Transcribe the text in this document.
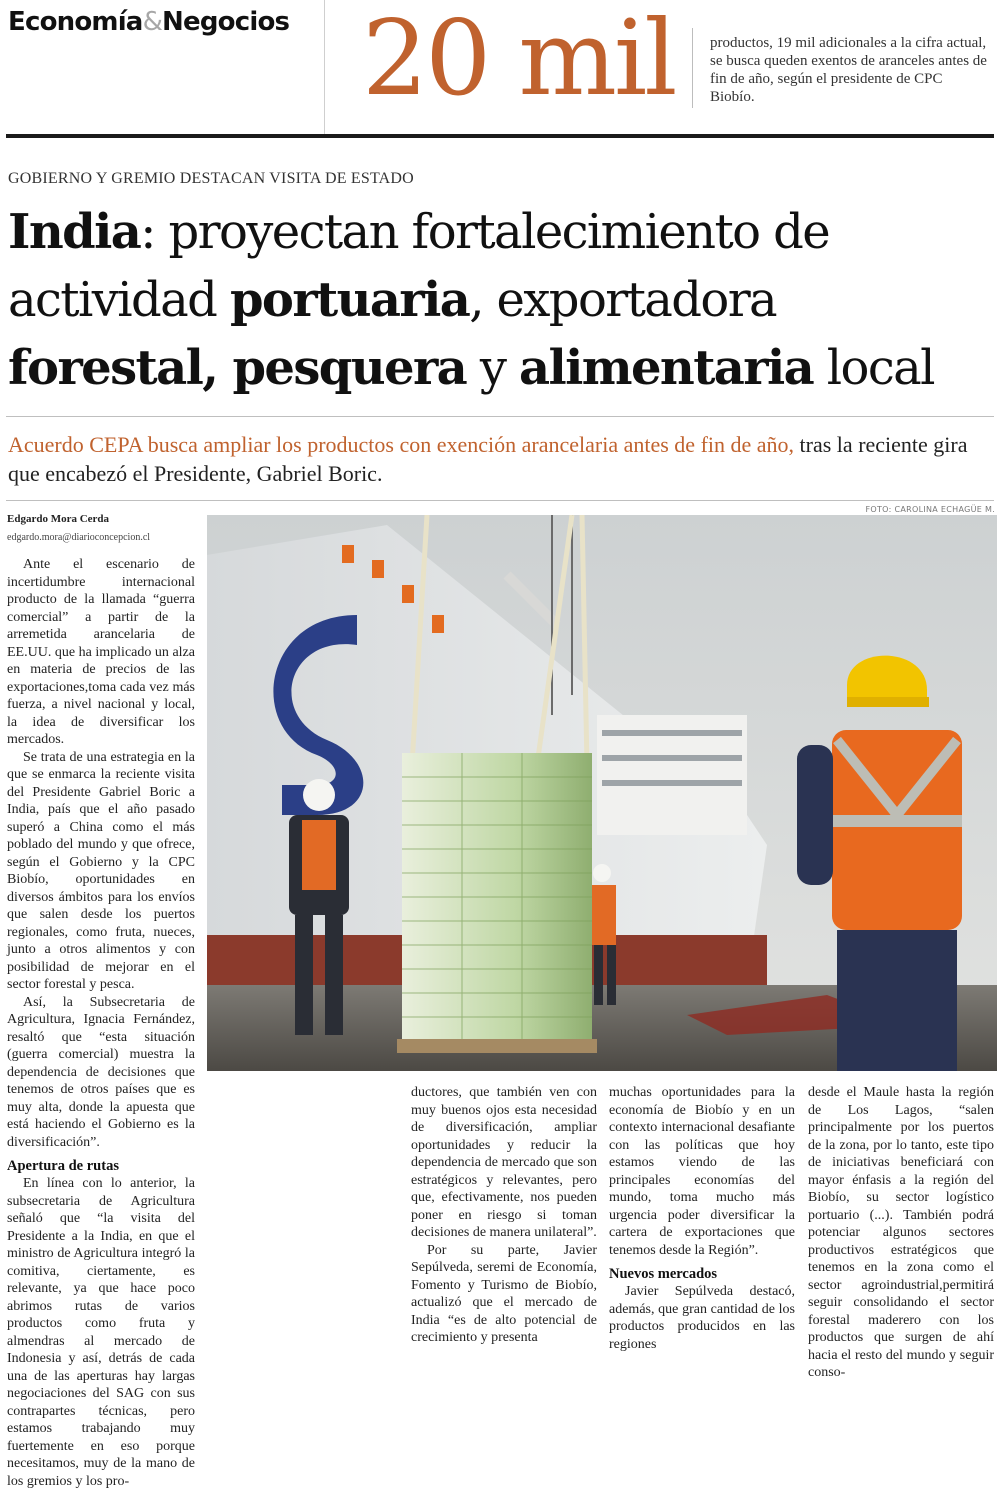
Economía&Negocios 20 mil productos, 19 mil adicionales a la cifra actual, se busca queden exentos de aranceles antes de fin de año, según el presidente de CPC Biobío.

GOBIERNO Y GREMIO DESTACAN VISITA DE ESTADO
India: proyectan fortalecimiento de
actividad portuaria, exportadora
forestal, pesquera y alimentaria local

Acuerdo CEPA busca ampliar los productos con exención arancelaria antes de fin de año, tras la reciente gira que encabezó el Presidente, Gabriel Boric.

FOTO: CAROLINA ECHAGÜE M.
Edgardo Mora Cerda
edgardo.mora@diarioconcepcion.cl

Ante el escenario de incertidumbre internacional producto de la llamada “guerra comercial” a partir de la arremetida arancelaria de EE.UU. que ha implicado un alza en materia de precios de las exportaciones,toma cada vez más fuerza, a nivel nacional y local, la idea de diversificar los mercados.

Se trata de una estrategia en la que se enmarca la reciente visita del Presidente Gabriel Boric a India, país que el año pasado superó a China como el más poblado del mundo y que ofrece, según el Gobierno y la CPC Biobío, oportunidades en diversos ámbitos para los envíos que salen desde los puertos regionales, como fruta, nueces, junto a otros alimentos y con posibilidad de mejorar en el sector forestal y pesca.

Así, la Subsecretaria de Agricultura, Ignacia Fernández, resaltó que “esta situación (guerra comercial) muestra la dependencia de decisiones que tenemos de otros países que es muy alta, donde la apuesta que está haciendo el Gobierno es la diversificación”.

Apertura de rutas

En línea con lo anterior, la subsecretaria de Agricultura señaló que “la visita del Presidente a la India, en que el ministro de Agricultura integró la comitiva, ciertamente, es relevante, ya que hace poco abrimos rutas de varios productos como fruta y almendras al mercado de Indonesia y así, detrás de cada una de las aperturas hay largas negociaciones del SAG con sus contrapartes técnicas, pero estamos trabajando muy fuertemente en eso porque necesitamos, muy de la mano de los gremios y los pro-

ductores, que también ven con muy buenos ojos esta necesidad de diversificación, ampliar oportunidades y reducir la dependencia de mercado que son estratégicos y relevantes, pero que, efectivamente, nos pueden poner en riesgo si toman decisiones de manera unilateral”.

Por su parte, Javier Sepúlveda, seremi de Economía, Fomento y Turismo de Biobío, actualizó que el mercado de India “es de alto potencial de crecimiento y presenta

muchas oportunidades para la economía de Biobío y en un contexto internacional desafiante con las políticas que hoy estamos viendo de las principales economías del mundo, toma mucho más urgencia poder diversificar la cartera de exportaciones que tenemos desde la Región”.

Nuevos mercados

Javier Sepúlveda destacó, además, que gran cantidad de los productos producidos en las regiones

desde el Maule hasta la región de Los Lagos, “salen principalmente por los puertos de la zona, por lo tanto, este tipo de iniciativas beneficiará con mayor énfasis a la región del Biobío, su sector logístico portuario (...). También podrá potenciar algunos sectores productivos estratégicos que tenemos en la zona como el sector agroindustrial,permitirá seguir consolidando el sector forestal maderero con los productos que surgen de ahí hacia el resto del mundo y seguir conso-
